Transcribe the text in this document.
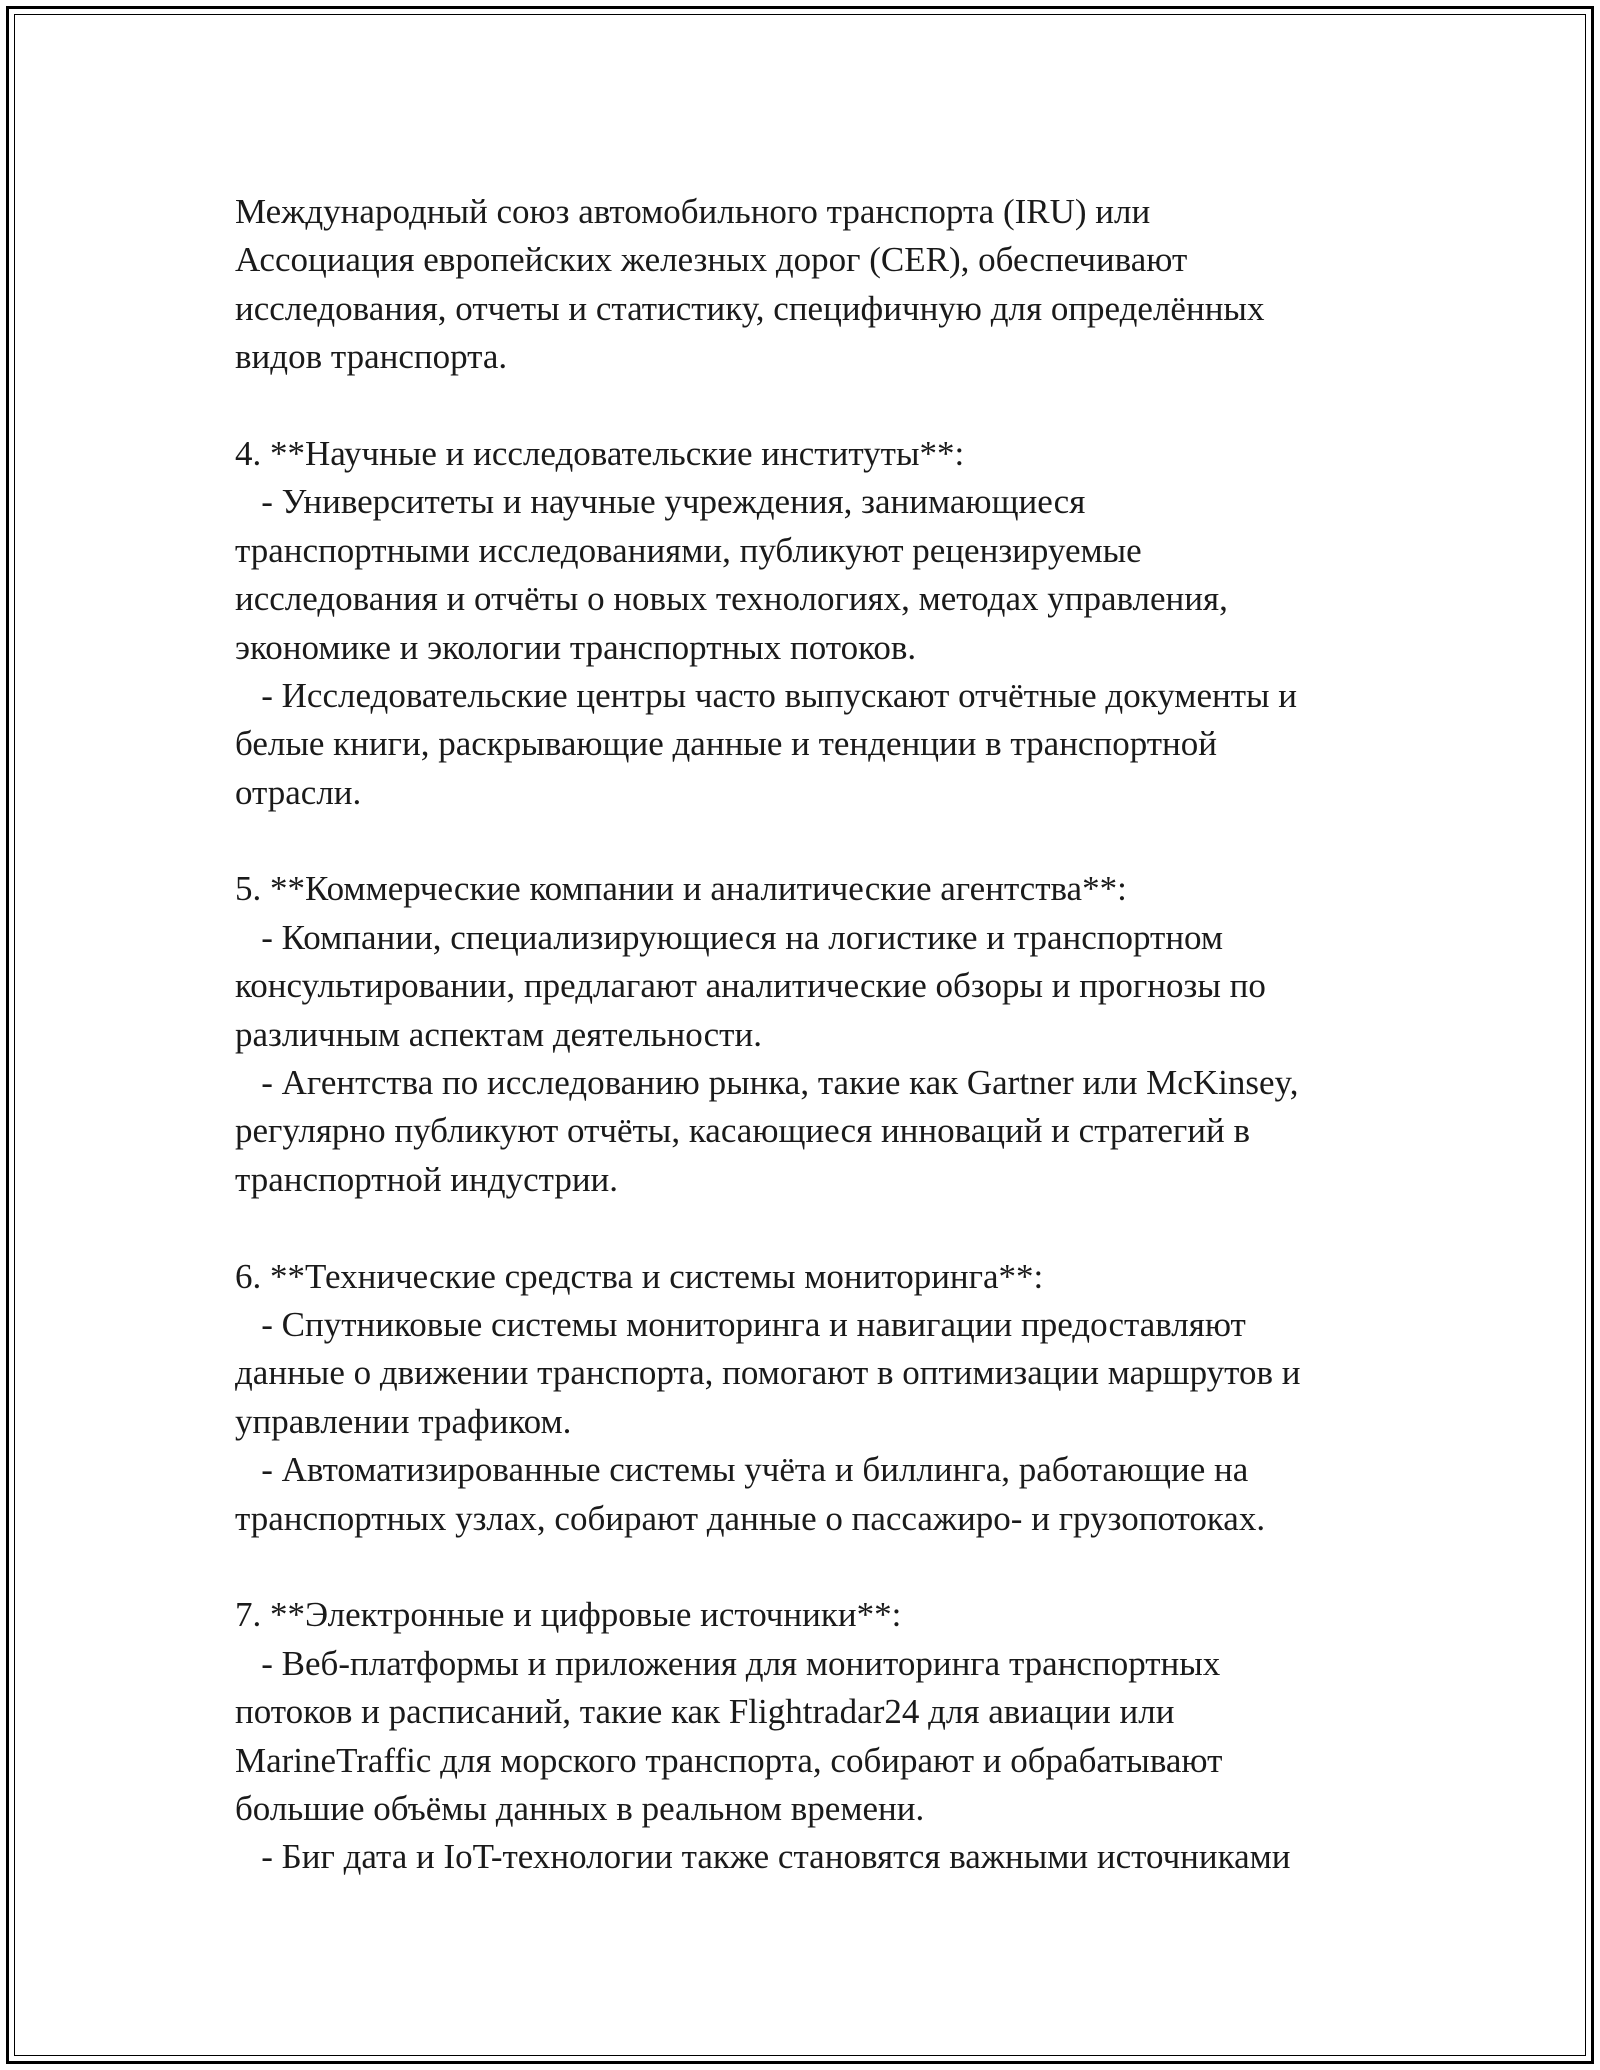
Международный союз автомобильного транспорта (IRU) или
Ассоциация европейских железных дорог (CER), обеспечивают
исследования, отчеты и статистику, специфичную для определённых
видов транспорта.
4. **Научные и исследовательские институты**:
- Университеты и научные учреждения, занимающиеся
транспортными исследованиями, публикуют рецензируемые
исследования и отчёты о новых технологиях, методах управления,
экономике и экологии транспортных потоков.
- Исследовательские центры часто выпускают отчётные документы и
белые книги, раскрывающие данные и тенденции в транспортной
отрасли.
5. **Коммерческие компании и аналитические агентства**:
- Компании, специализирующиеся на логистике и транспортном
консультировании, предлагают аналитические обзоры и прогнозы по
различным аспектам деятельности.
- Агентства по исследованию рынка, такие как Gartner или McKinsey,
регулярно публикуют отчёты, касающиеся инноваций и стратегий в
транспортной индустрии.
6. **Технические средства и системы мониторинга**:
- Спутниковые системы мониторинга и навигации предоставляют
данные о движении транспорта, помогают в оптимизации маршрутов и
управлении трафиком.
- Автоматизированные системы учёта и биллинга, работающие на
транспортных узлах, собирают данные о пассажиро- и грузопотоках.
7. **Электронные и цифровые источники**:
- Веб-платформы и приложения для мониторинга транспортных
потоков и расписаний, такие как Flightradar24 для авиации или
MarineTraffic для морского транспорта, собирают и обрабатывают
большие объёмы данных в реальном времени.
- Биг дата и IoT-технологии также становятся важными источниками
